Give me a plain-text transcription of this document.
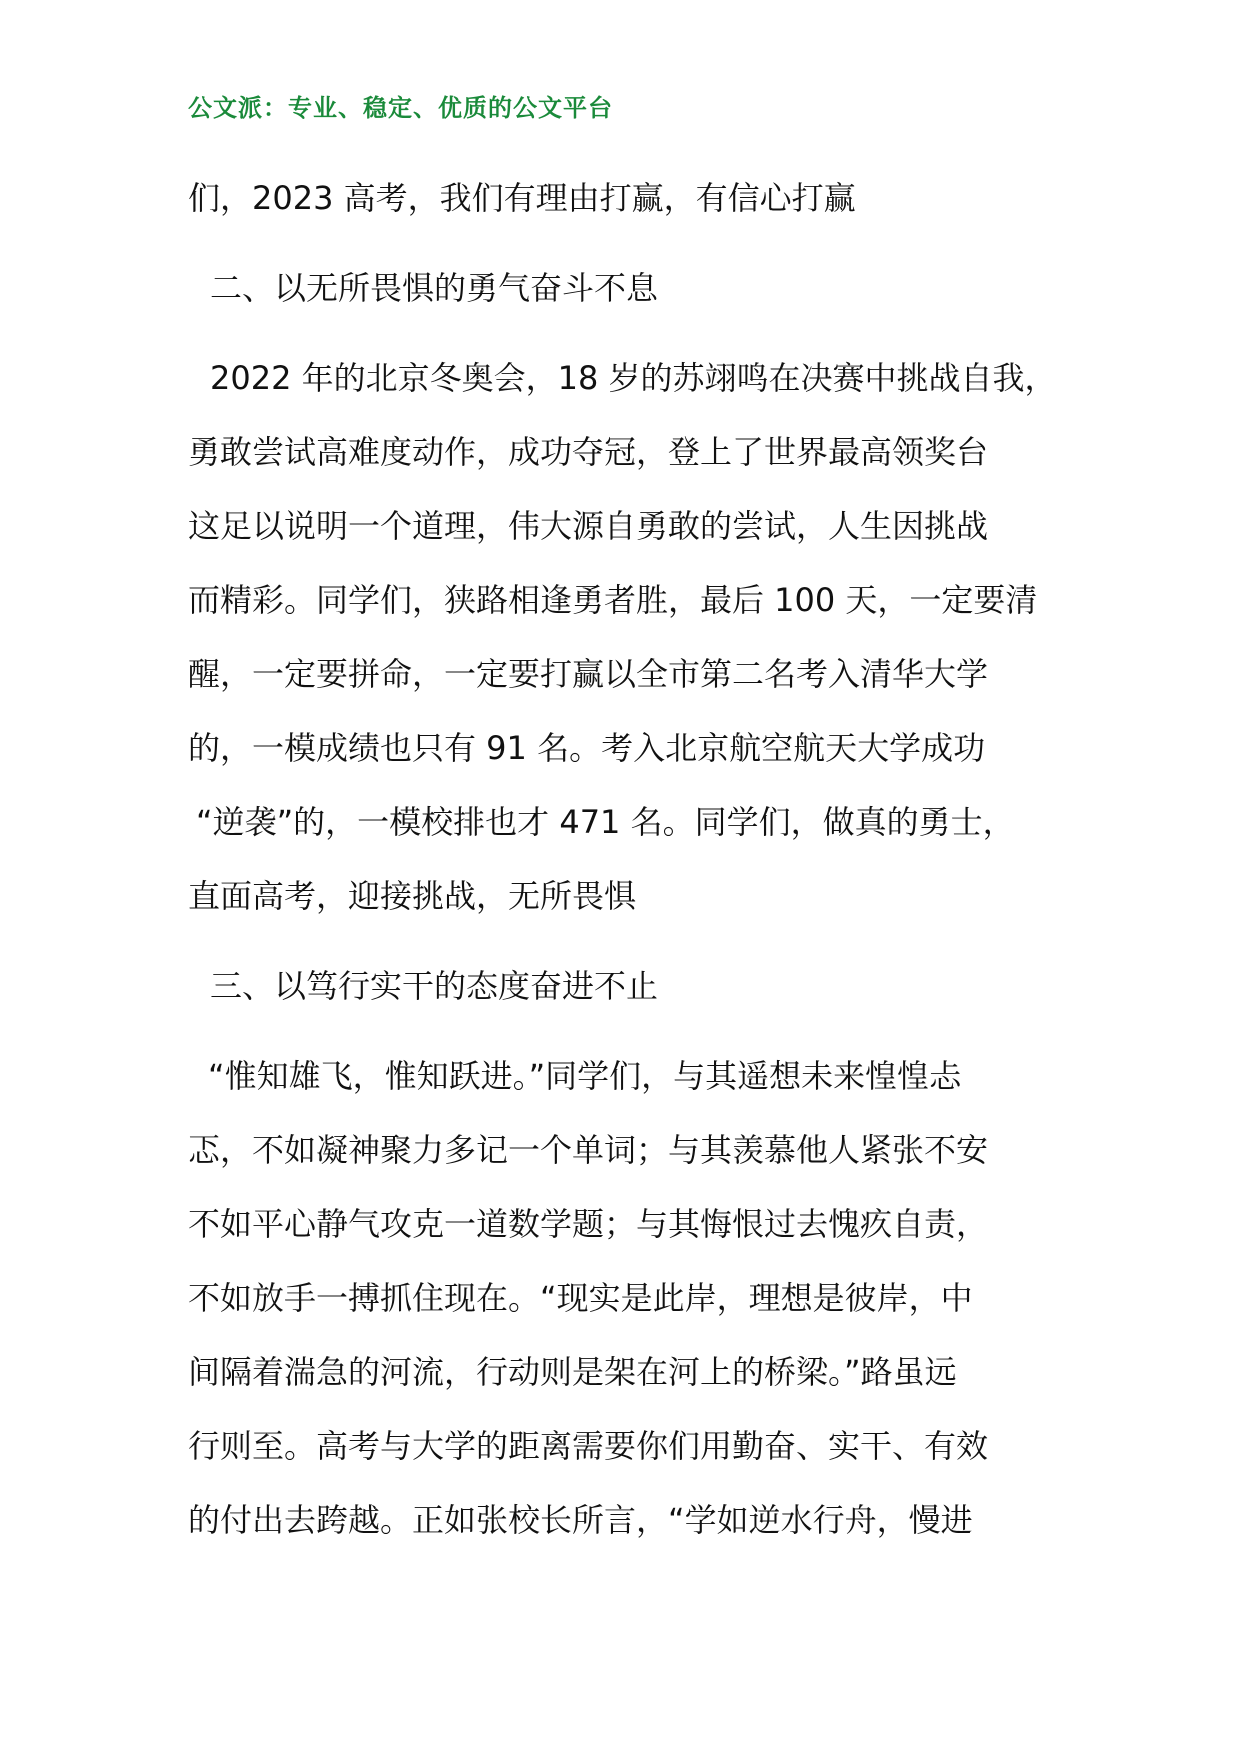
公文派：专业、稳定、优质的公文平台
们，2023 高考，我们有理由打赢，有信心打赢
二、以无所畏惧的勇气奋斗不息
2022 年的北京冬奥会，18 岁的苏翊鸣在决赛中挑战自我，
勇敢尝试高难度动作，成功夺冠，登上了世界最高领奖台
这足以说明一个道理，伟大源自勇敢的尝试，人生因挑战
而精彩。同学们，狭路相逢勇者胜，最后 100 天，一定要清
醒，一定要拼命，一定要打赢以全市第二名考入清华大学
的，一模成绩也只有 91 名。考入北京航空航天大学成功
“逆袭”的，一模校排也才 471 名。同学们，做真的勇士，
直面高考，迎接挑战，无所畏惧
三、以笃行实干的态度奋进不止
“惟知雄飞，惟知跃进。”同学们，与其遥想未来惶惶忐
忑，不如凝神聚力多记一个单词；与其羡慕他人紧张不安
不如平心静气攻克一道数学题；与其悔恨过去愧疚自责，
不如放手一搏抓住现在。“现实是此岸，理想是彼岸，中
间隔着湍急的河流，行动则是架在河上的桥梁。”路虽远
行则至。高考与大学的距离需要你们用勤奋、实干、有效
的付出去跨越。正如张校长所言，“学如逆水行舟，慢进
